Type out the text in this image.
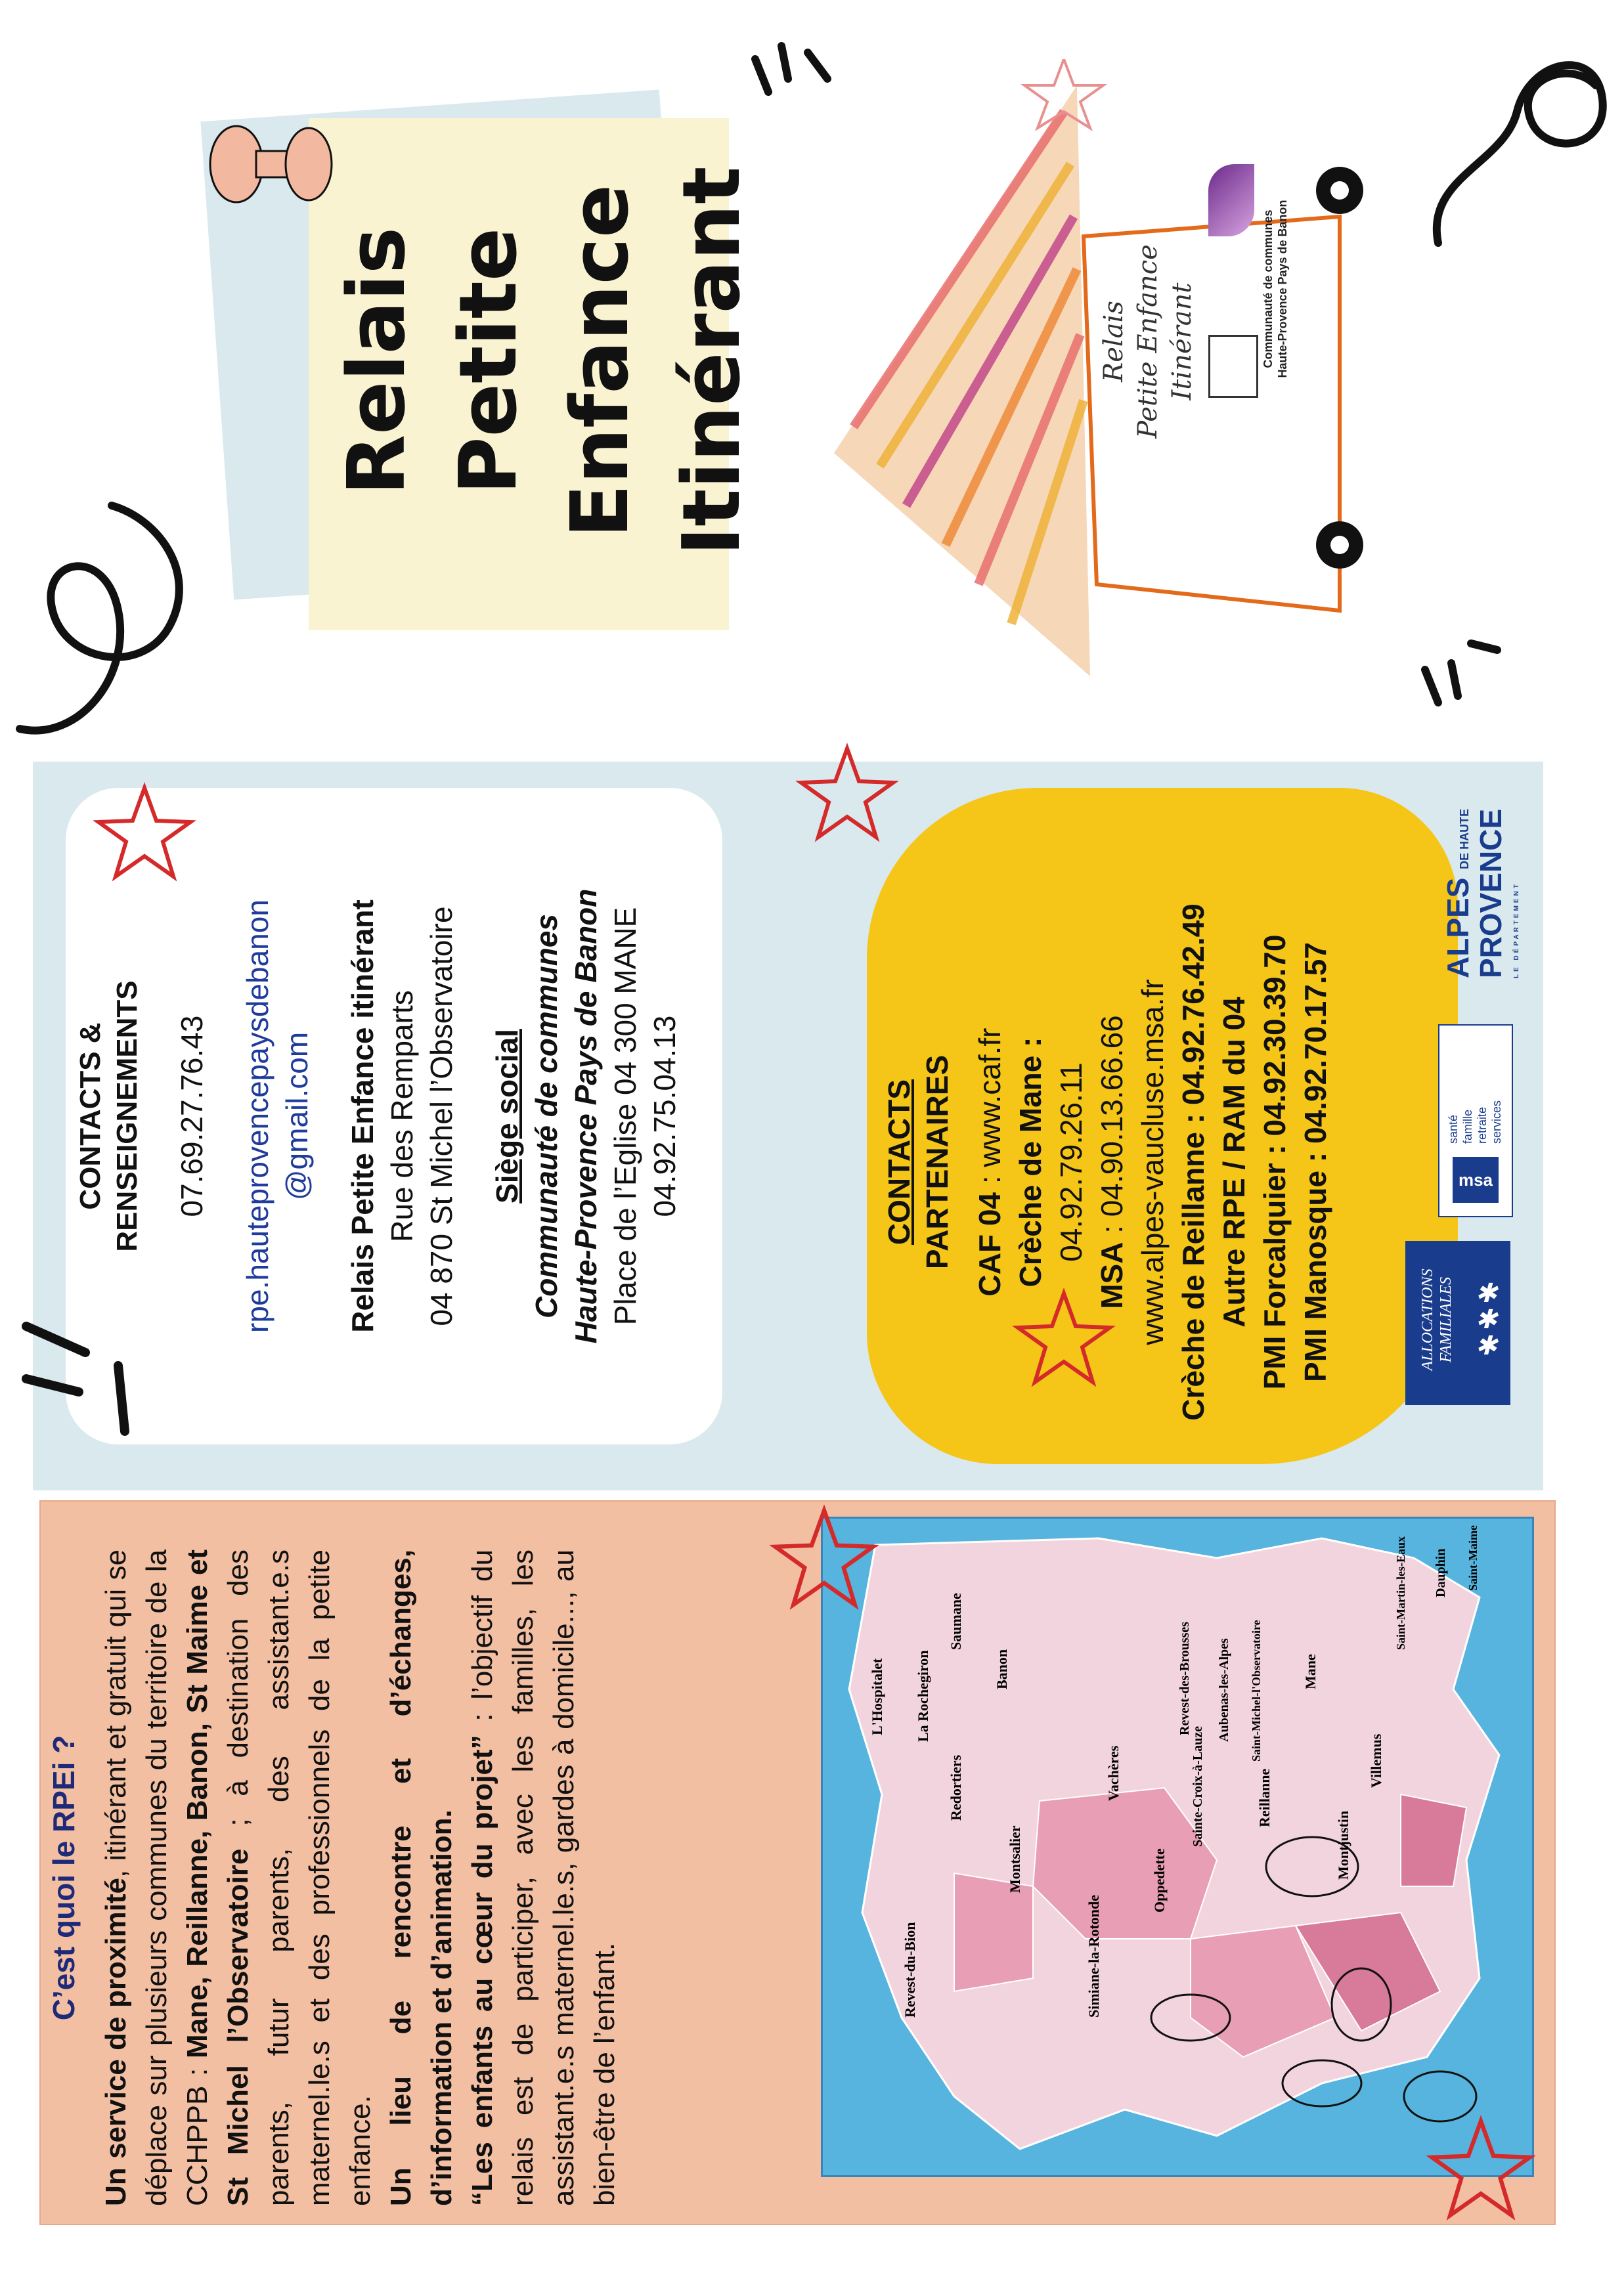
C’est quoi le RPEi ? Un service de proximité, itinérant et gratuit qui se déplace sur plusieurs communes du territoire de la CCHPPB : Mane, Reillanne, Banon, St Maime et St Michel l’Observatoire ; à destination des parents, futur parents, des assistant.e.s maternel.le.s et des professionnels de la petite enfance. Un lieu de rencontre et d’échanges, d’information et d’animation. “Les enfants au cœur du projet” : l’objectif du relais est de participer, avec les familles, les assistant.e.s maternel.le.s, gardes à domicile..., au bien-être de l’enfant.
L'Hospitalet La Rochegiron
Saumane
Redortiers
Banon
Revest-du-Bion
Montsalier
Simiane-la-Rotonde
Vachères
Revest-des-Brousses Aubenas-les-Alpes
Oppedette
Sainte-Croix-à-Lauze	Reillanne
Montjustin
Villemus
Saint-Michel-l'Observatoire	Mane
Saint-Martin-les-Eaux Dauphin Saint-Maime
CONTACTS & RENSEIGNEMENTS 07.69.27.76.43 rpe.hauteprovencepaysdebanon @gmail.com Relais Petite Enfance itinérant Rue des Remparts 04 870 St Michel l’Observatoire Siège social Communauté de communes Haute-Provence Pays de Banon Place de l’Eglise 04 300 MANE 04.92.75.04.13	CONTACTS PARTENAIRES CAF 04 : www.caf.fr Crèche de Mane : 04.92.79.26.11
MSA : 04.90.13.66.66 www.alpes-vaucluse.msa.fr Crèche de Reillanne : 04.92.76.42.49 Autre RPE / RAM du 04 PMI Forcalquier : 04.92.30.39.70 PMI Manosque : 04.92.70.17.57	ALLOCATIONS FAMILIALES ✱
✱
✱
msa
santé famille retraite services
ALPES DE HAUTE PROVENCE LE DÉPARTEMENT
Relais Petite Enfance Itinérant	Relais Petite Enfance Itinérant	Communauté de communes Haute-Provence Pays de Banon
